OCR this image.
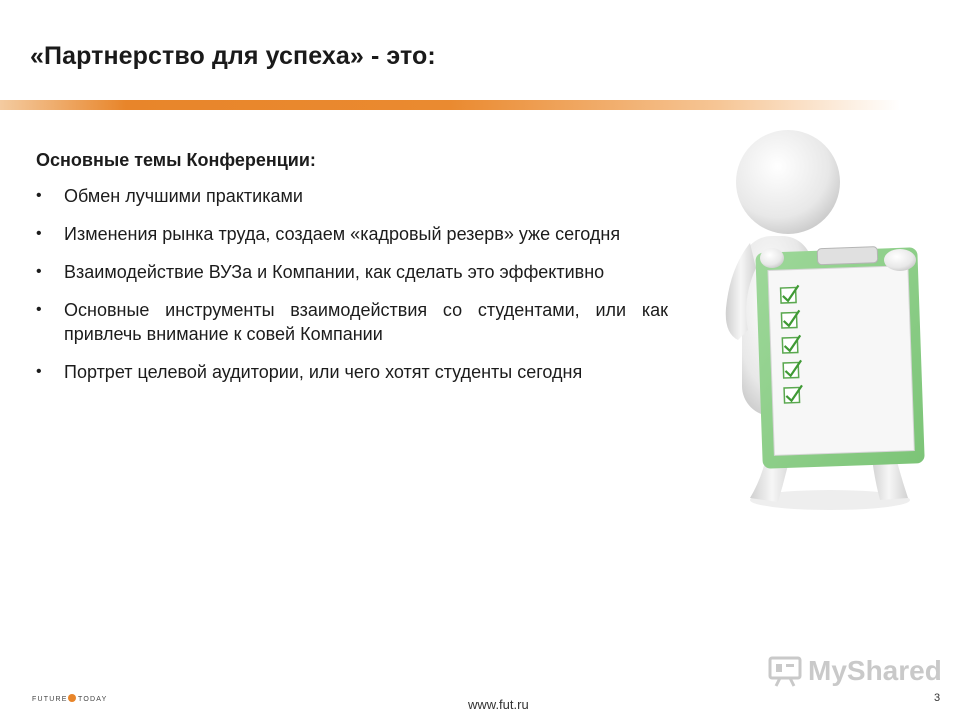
«Партнерство для успеха» - это:
Основные темы Конференции:
• Обмен лучшими практиками
• Изменения рынка труда, создаем «кадровый резерв» уже сегодня
• Взаимодействие ВУЗа и Компании, как сделать это эффективно
• Основные инструменты взаимодействия со студентами, или как привлечь внимание к совей Компании
• Портрет целевой аудитории, или чего хотят студенты сегодня
FUTURE TODAY	www.fut.ru	3
MyShared
